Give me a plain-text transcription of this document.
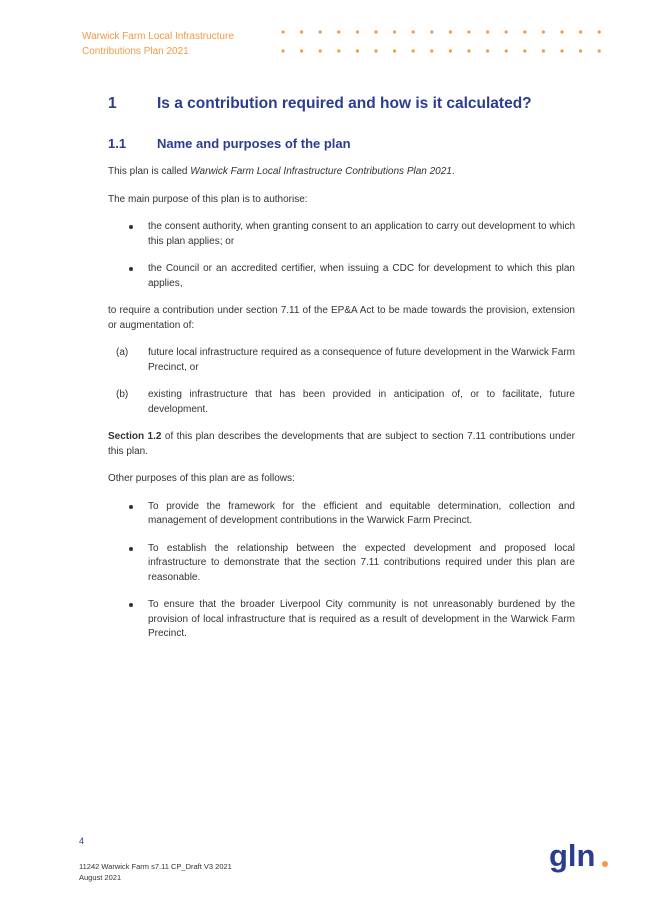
Warwick Farm Local Infrastructure
Contributions Plan 2021
1	Is a contribution required and how is it calculated?
1.1 Name and purposes of the plan

This plan is called Warwick Farm Local Infrastructure Contributions Plan 2021.

The main purpose of this plan is to authorise:

the consent authority, when granting consent to an application to carry out development to which this plan applies; or
the Council or an accredited certifier, when issuing a CDC for development to which this plan applies,

to require a contribution under section 7.11 of the EP&A Act to be made towards the provision, extension or augmentation of:

(a) future local infrastructure required as a consequence of future development in the Warwick Farm Precinct, or
(b) existing infrastructure that has been provided in anticipation of, or to facilitate, future development.

Section 1.2 of this plan describes the developments that are subject to section 7.11 contributions under this plan.

Other purposes of this plan are as follows:

To provide the framework for the efficient and equitable determination, collection and management of development contributions in the Warwick Farm Precinct.
To establish the relationship between the expected development and proposed local infrastructure to demonstrate that the section 7.11 contributions required under this plan are reasonable.
To ensure that the broader Liverpool City community is not unreasonably burdened by the provision of local infrastructure that is required as a result of development in the Warwick Farm Precinct.
4
11242 Warwick Farm s7.11 CP_Draft V3 2021
August 2021
gln
